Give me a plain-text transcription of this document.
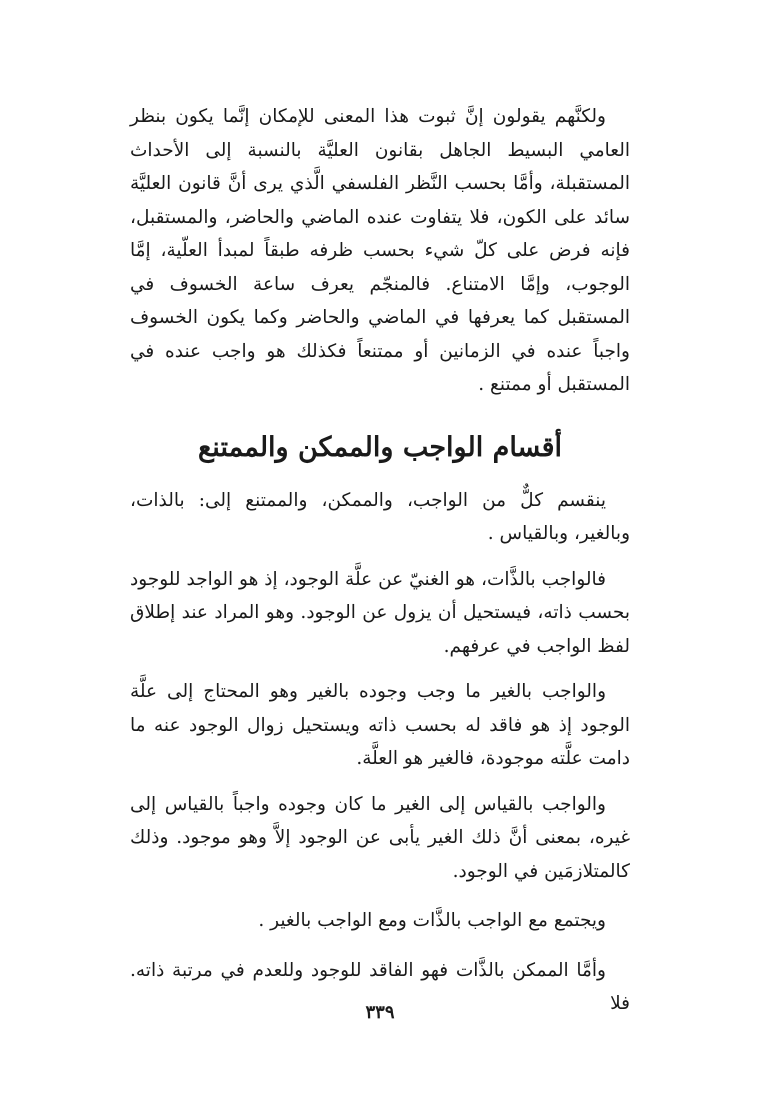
ولكنَّهم يقولون إنَّ ثبوت هذا المعنى للإمكان إنَّما يكون بنظر العامي البسيط الجاهل بقانون العليَّة بالنسبة إلى الأحداث المستقبلة، وأمَّا بحسب النَّظر الفلسفي الَّذي يرى أنَّ قانون العليَّة سائد على الكون، فلا يتفاوت عنده الماضي والحاضر، والمستقبل، فإنه فرض على كلّ شيء بحسب ظرفه طبقاً لمبدأ العلّية، إمَّا الوجوب، وإمَّا الامتناع. فالمنجّم يعرف ساعة الخسوف في المستقبل كما يعرفها في الماضي والحاضر وكما يكون الخسوف واجباً عنده في الزمانين أو ممتنعاً فكذلك هو واجب عنده في المستقبل أو ممتنع .

أقسام الواجب والممكن والممتنع

ينقسم كلٌّ من الواجب، والممكن، والممتنع إلى: بالذات، وبالغير، وبالقياس .

فالواجب بالذَّات، هو الغنيّ عن علَّة الوجود، إذ هو الواجد للوجود بحسب ذاته، فيستحيل أن يزول عن الوجود. وهو المراد عند إطلاق لفظ الواجب في عرفهم.

والواجب بالغير ما وجب وجوده بالغير وهو المحتاج إلى علَّة الوجود إذ هو فاقد له بحسب ذاته ويستحيل زوال الوجود عنه ما دامت علَّته موجودة، فالغير هو العلَّة.

والواجب بالقياس إلى الغير ما كان وجوده واجباً بالقياس إلى غيره، بمعنى أنَّ ذلك الغير يأبى عن الوجود إلاَّ وهو موجود. وذلك كالمتلازمَين في الوجود.

ويجتمع مع الواجب بالذَّات ومع الواجب بالغير .

وأمَّا الممكن بالذَّات فهو الفاقد للوجود وللعدم في مرتبة ذاته. فلا

٣٣٩
